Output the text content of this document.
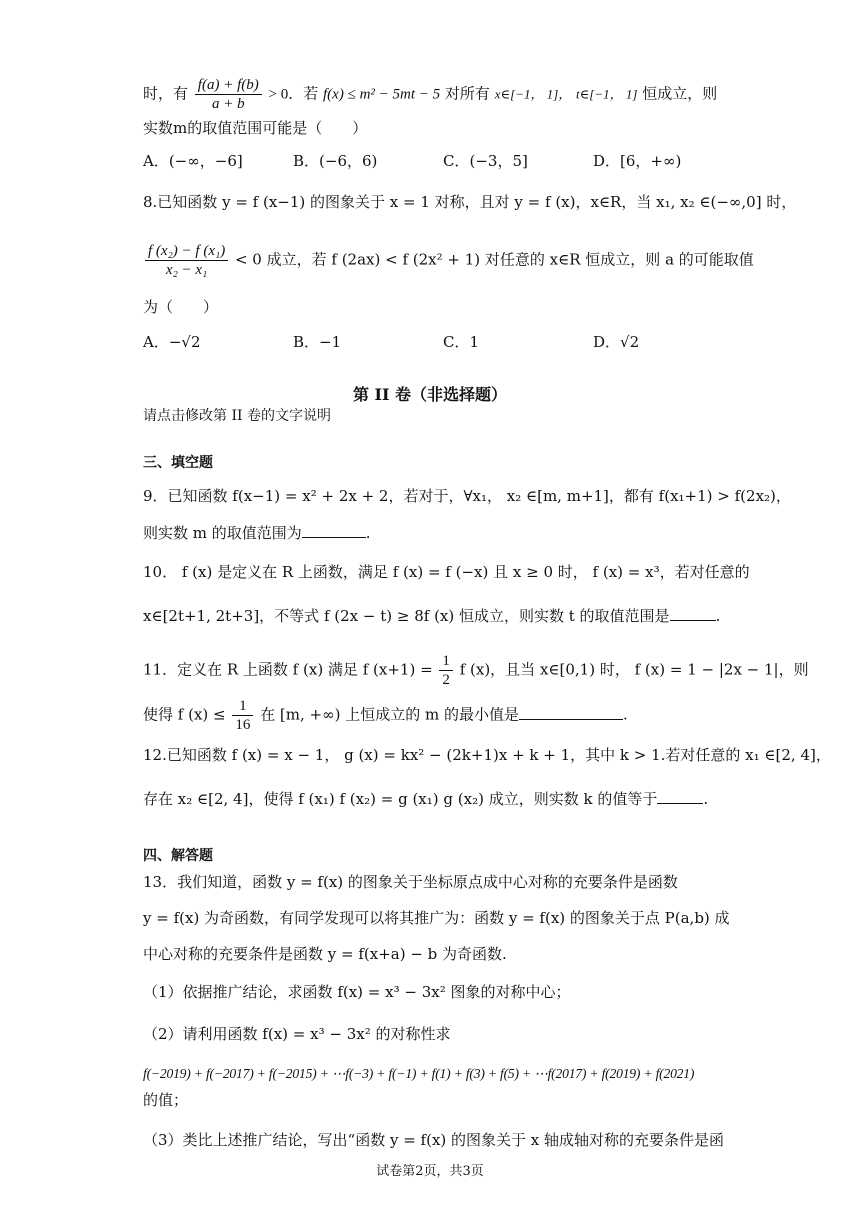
时，有 $\frac{f(a) + f(b)}{a + b} > 0$．若 f(x) ≤ m² − 5mt − 5 对所有 x∈[−1， 1]， t∈[−1， 1] 恒成立，则
实数m的取值范围可能是（　　）
A．(−∞，−6]	B．(−6，6)	C．(−3，5]	D．[6，+∞)
8.已知函数 y = f (x−1) 的图象关于 x = 1 对称，且对 y = f (x)，x∈R，当 x₁, x₂ ∈(−∞,0] 时，
$\frac{\text{f (x₂) − f (x₁)}}{\text{x₂ − x₁}} < 0$ 成立，若 f (2ax) < f (2x² + 1) 对任意的 x∈R 恒成立，则 a 的可能取值
为（　　）
A．−√2	B．−1	C．1	D．√2
第 II 卷（非选择题）
请点击修改第 II 卷的文字说明
三、填空题
9．已知函数 f(x−1) = x² + 2x + 2，若对于，∀x₁， x₂ ∈[m, m+1]，都有 f(x₁+1) > f(2x₂)，
则实数 m 的取值范围为	.
10． f (x) 是定义在 R 上函数，满足 f (x) = f (−x) 且 x ≥ 0 时， f (x) = x³，若对任意的
x∈[2t+1, 2t+3]，不等式 f (2x − t) ≥ 8f (x) 恒成立，则实数 t 的取值范围是	.
11．定义在 R 上函数 f (x) 满足 f $(x+1) = \frac{1}{2}$ f (x)，且当 x∈[0,1) 时， f (x) = 1 − |2x − 1|，则
使得 f $(x) \le \frac{1}{16}$ 在 [m, +∞) 上恒成立的 m 的最小值是	.
12.已知函数 f (x) = x − 1， g (x) = kx² − (2k+1)x + k + 1，其中 k > 1.若对任意的 x₁ ∈[2, 4]，
存在 x₂ ∈[2, 4]，使得 f (x₁) f (x₂) = g (x₁) g (x₂) 成立，则实数 k 的值等于	.
四、解答题
13．我们知道，函数 y = f(x) 的图象关于坐标原点成中心对称的充要条件是函数
y = f(x) 为奇函数，有同学发现可以将其推广为：函数 y = f(x) 的图象关于点 P(a,b) 成
中心对称的充要条件是函数 y = f(x+a) − b 为奇函数.
（1）依据推广结论，求函数 f(x) = x³ − 3x² 图象的对称中心；
（2）请利用函数 f(x) = x³ − 3x² 的对称性求
f(−2019) + f(−2017) + f(−2015) + ⋯f(−3) + f(−1) + f(1) + f(3) + f(5) + ⋯f(2017) + f(2019) + f(2021)
的值；
（3）类比上述推广结论，写出“函数 y = f(x) 的图象关于 x 轴成轴对称的充要条件是函
试卷第2页，共3页
